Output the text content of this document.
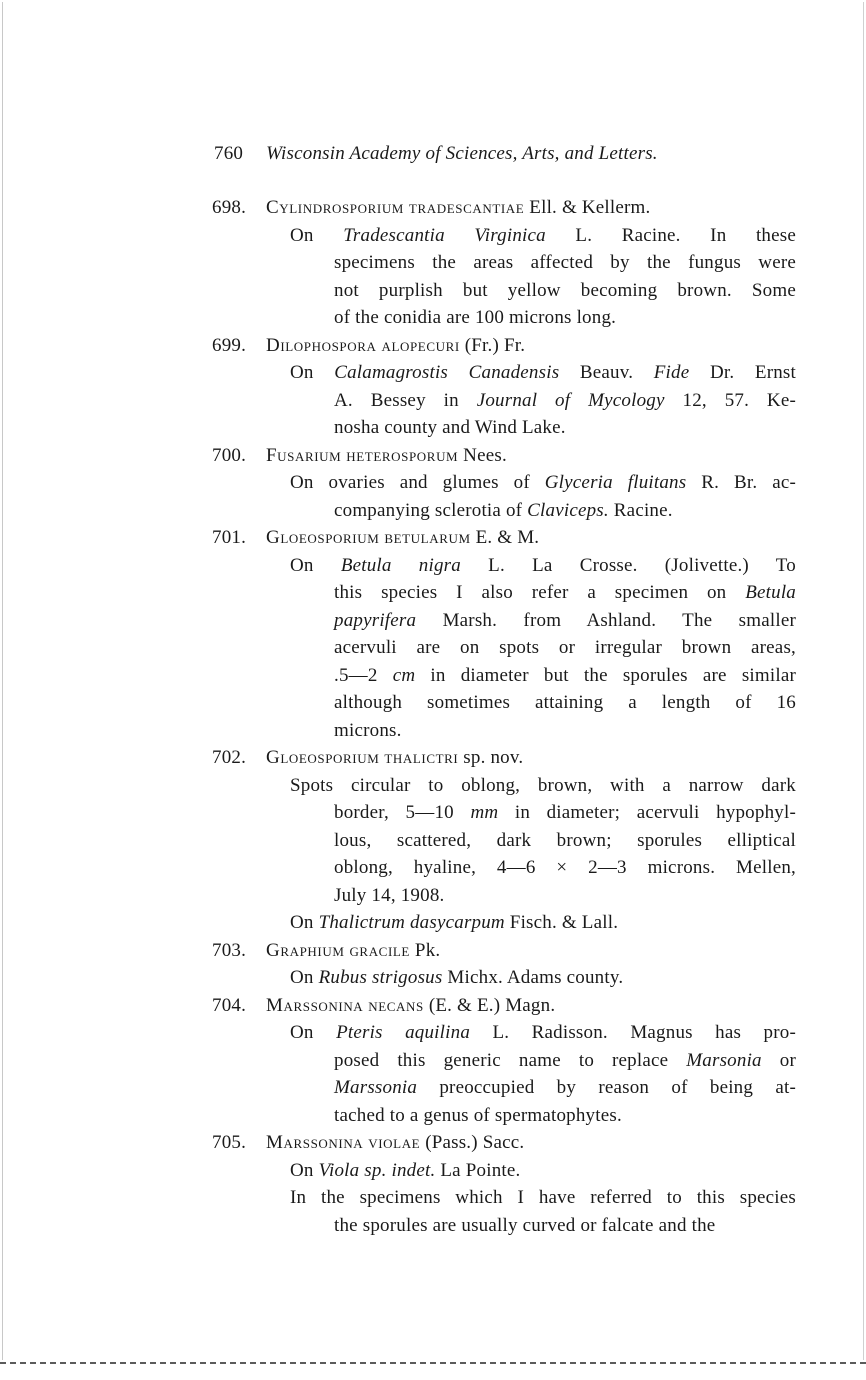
760 Wisconsin Academy of Sciences, Arts, and Letters.
698. Cylindrosporium tradescantiae Ell. & Kellerm.
On Tradescantia Virginica L. Racine. In these
specimens the areas affected by the fungus were
not purplish but yellow becoming brown. Some
of the conidia are 100 microns long.
699. Dilophospora alopecuri (Fr.) Fr.
On Calamagrostis Canadensis Beauv. Fide Dr. Ernst
A. Bessey in Journal of Mycology 12, 57. Ke-
nosha county and Wind Lake.
700. Fusarium heterosporum Nees.
On ovaries and glumes of Glyceria fluitans R. Br. ac-
companying sclerotia of Claviceps. Racine.
701. Gloeosporium betularum E. & M.
On Betula nigra L. La Crosse. (Jolivette.) To
this species I also refer a specimen on Betula
papyrifera Marsh. from Ashland. The smaller
acervuli are on spots or irregular brown areas,
.5—2 cm in diameter but the sporules are similar
although sometimes attaining a length of 16
microns.
702. Gloeosporium thalictri sp. nov.
Spots circular to oblong, brown, with a narrow dark
border, 5—10 mm in diameter; acervuli hypophyl-
lous, scattered, dark brown; sporules elliptical
oblong, hyaline, 4—6 × 2—3 microns. Mellen,
July 14, 1908.
On Thalictrum dasycarpum Fisch. & Lall.
703. Graphium gracile Pk.
On Rubus strigosus Michx. Adams county.
704. Marssonina necans (E. & E.) Magn.
On Pteris aquilina L. Radisson. Magnus has pro-
posed this generic name to replace Marsonia or
Marssonia preoccupied by reason of being at-
tached to a genus of spermatophytes.
705. Marssonina violae (Pass.) Sacc.
On Viola sp. indet. La Pointe.
In the specimens which I have referred to this species
the sporules are usually curved or falcate and the
